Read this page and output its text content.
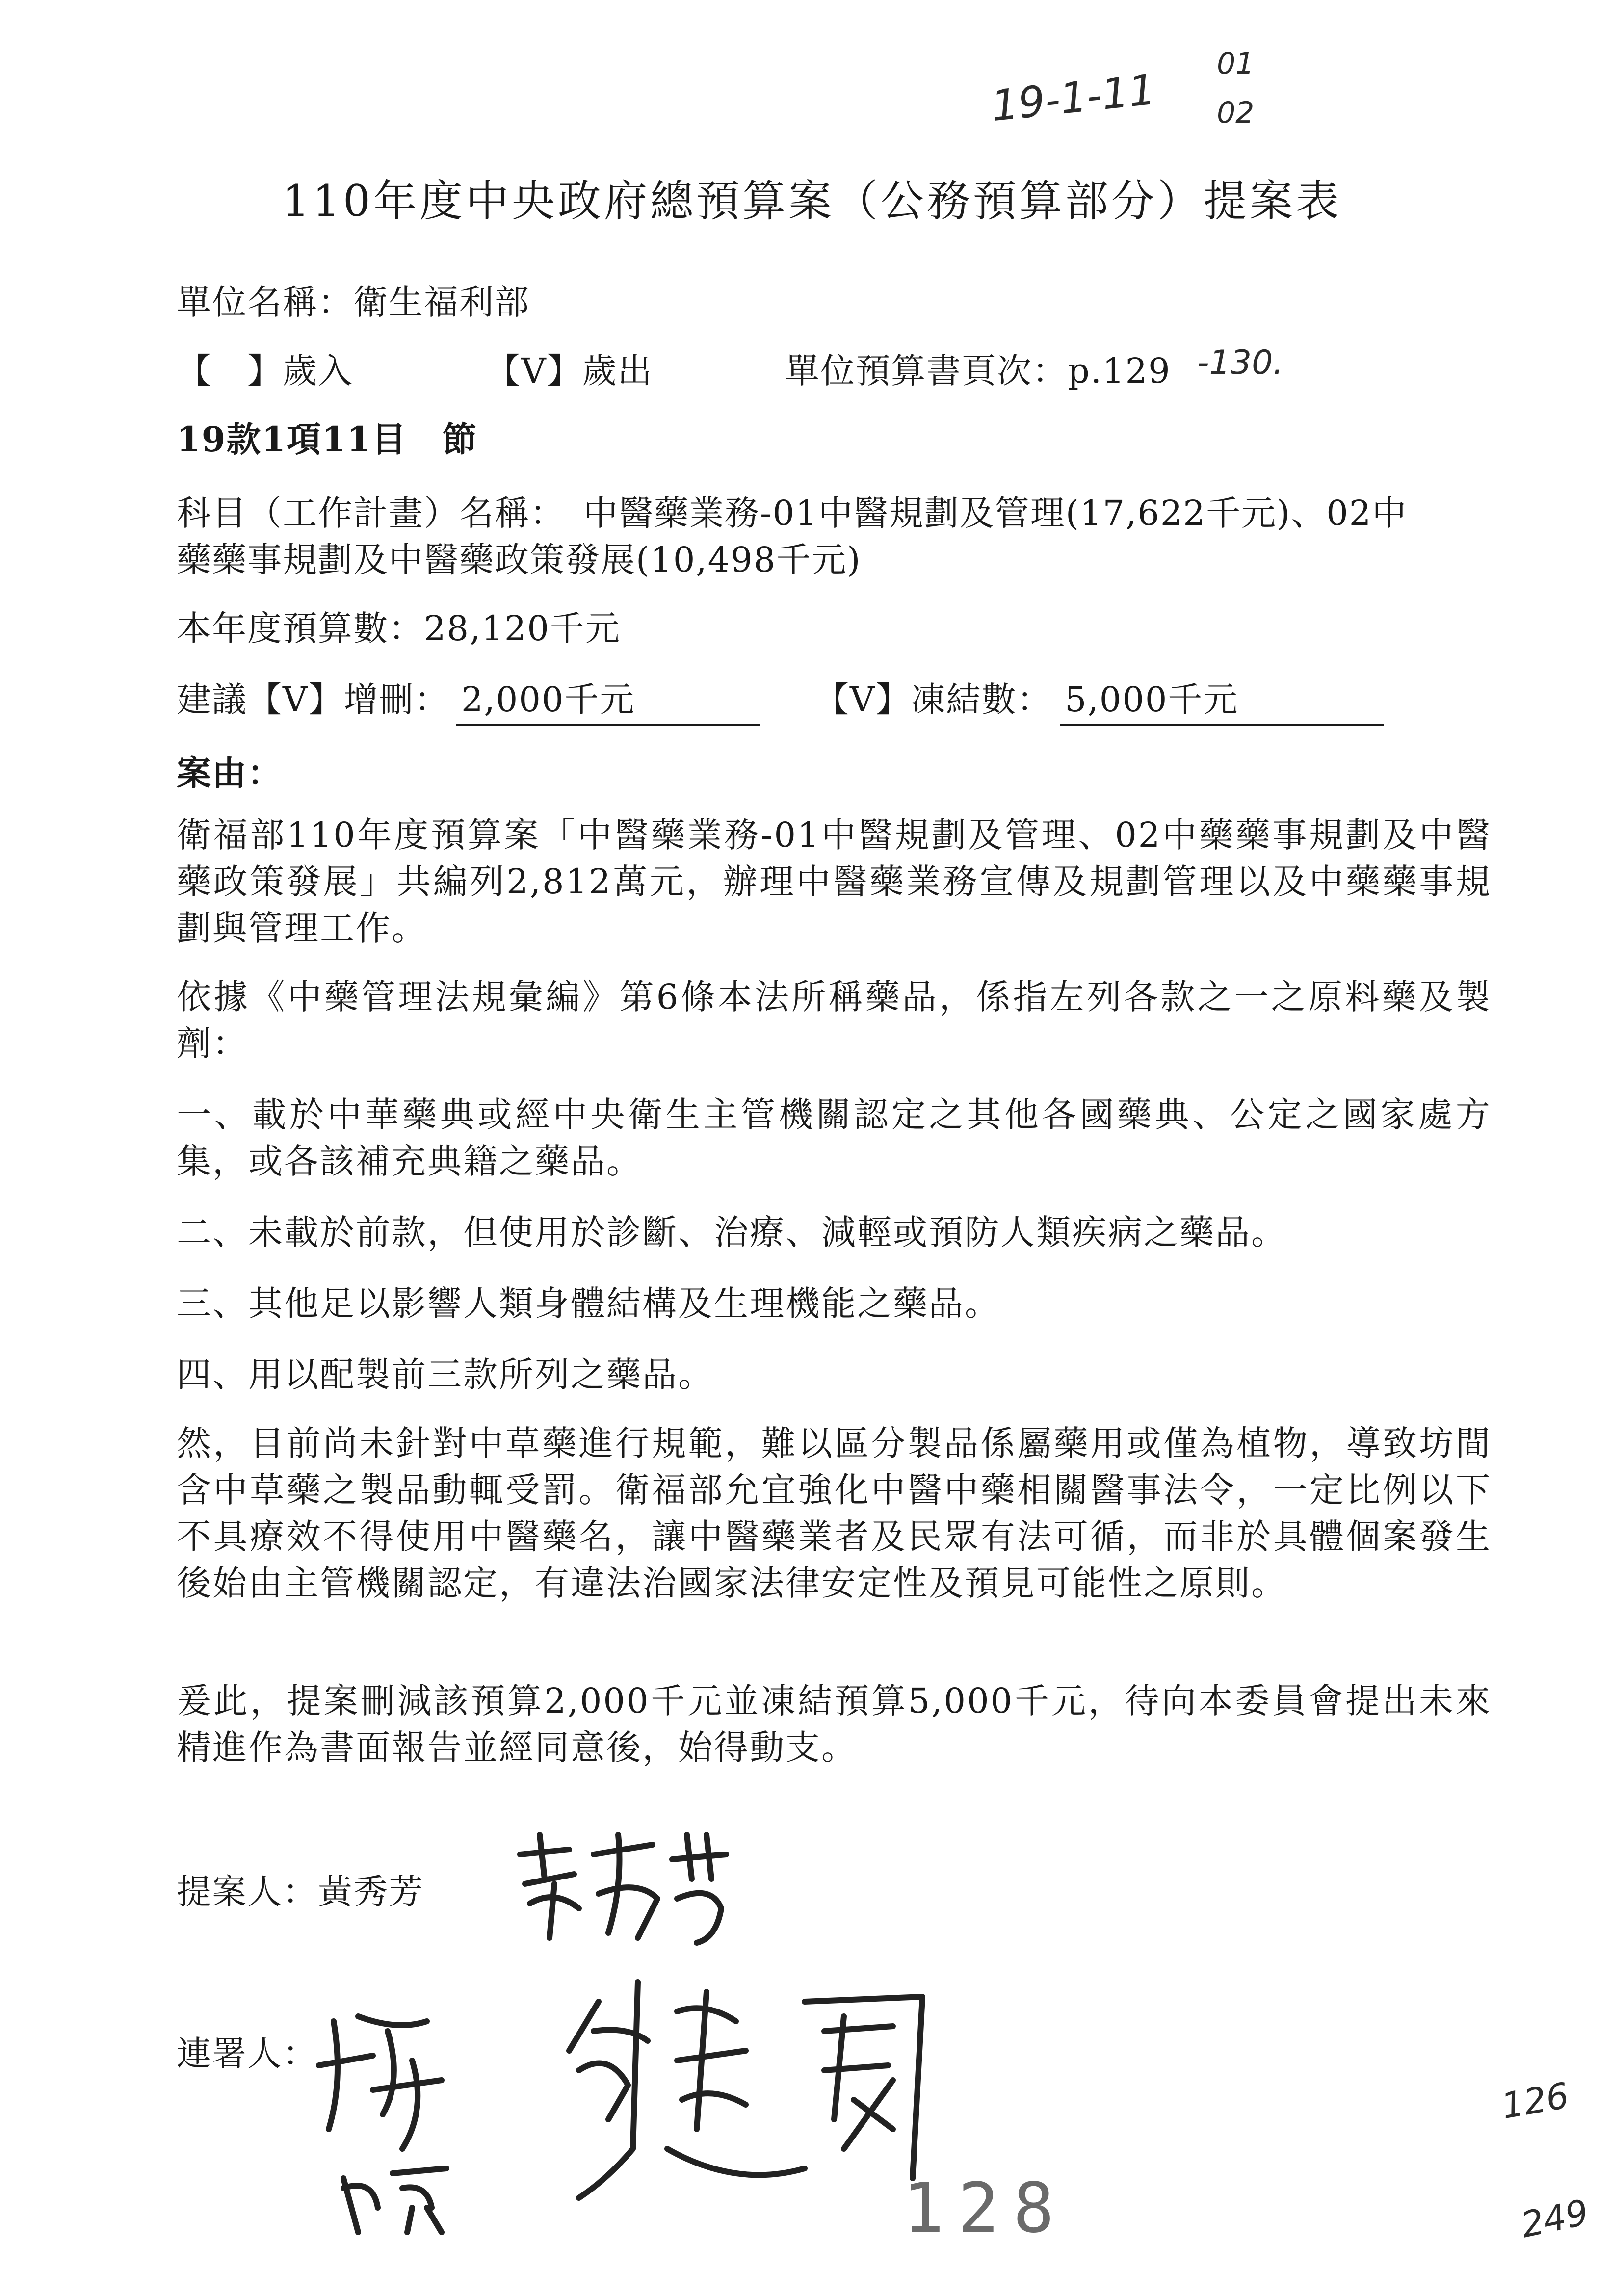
19-1-11
01
02
110年度中央政府總預算案（公務預算部分）提案表
單位名稱：衛生福利部
【　】歲入	【V】歲出	單位預算書頁次：p.129 -130.
19款1項11目　節
科目（工作計畫）名稱：　中醫藥業務-01中醫規劃及管理(17,622千元)、02中
藥藥事規劃及中醫藥政策發展(10,498千元)
本年度預算數：28,120千元
建議【V】增刪： 2,000千元	【V】凍結數： 5,000千元
案由：
衛福部110年度預算案「中醫藥業務-01中醫規劃及管理、02中藥藥事規劃及中醫藥政策發展」共編列2,812萬元，辦理中醫藥業務宣傳及規劃管理以及中藥藥事規劃與管理工作。
依據《中藥管理法規彙編》第6條本法所稱藥品，係指左列各款之一之原料藥及製劑：
一、載於中華藥典或經中央衛生主管機關認定之其他各國藥典、公定之國家處方集，或各該補充典籍之藥品。
二、未載於前款，但使用於診斷、治療、減輕或預防人類疾病之藥品。
三、其他足以影響人類身體結構及生理機能之藥品。
四、用以配製前三款所列之藥品。
然，目前尚未針對中草藥進行規範，難以區分製品係屬藥用或僅為植物，導致坊間含中草藥之製品動輒受罰。衛福部允宜強化中醫中藥相關醫事法令，一定比例以下不具療效不得使用中醫藥名，讓中醫藥業者及民眾有法可循，而非於具體個案發生後始由主管機關認定，有違法治國家法律安定性及預見可能性之原則。
爰此，提案刪減該預算2,000千元並凍結預算5,000千元，待向本委員會提出未來精進作為書面報告並經同意後，始得動支。
提案人：黃秀芳
連署人：
128
126
249
